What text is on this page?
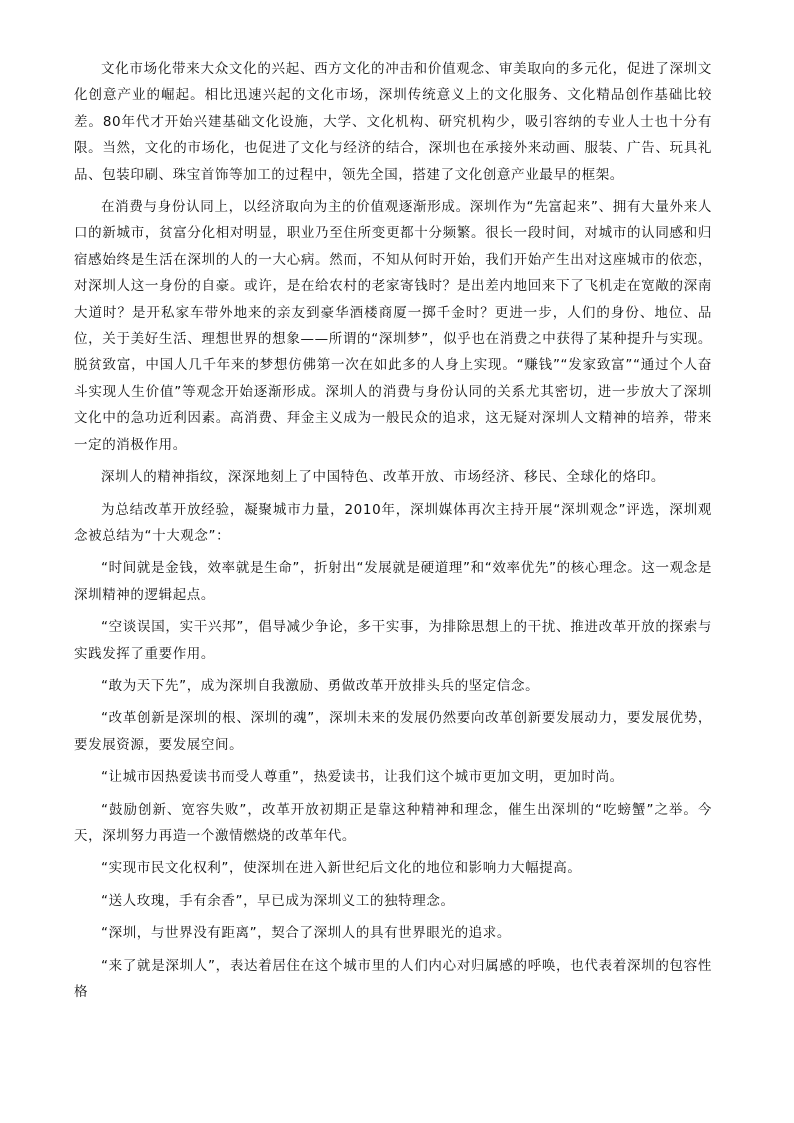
文化市场化带来大众文化的兴起、西方文化的冲击和价值观念、审美取向的多元化，促进了深圳文化创意产业的崛起。相比迅速兴起的文化市场，深圳传统意义上的文化服务、文化精品创作基础比较差。80年代才开始兴建基础文化设施，大学、文化机构、研究机构少，吸引容纳的专业人士也十分有限。当然，文化的市场化，也促进了文化与经济的结合，深圳也在承接外来动画、服装、广告、玩具礼品、包装印刷、珠宝首饰等加工的过程中，领先全国，搭建了文化创意产业最早的框架。

在消费与身份认同上，以经济取向为主的价值观逐渐形成。深圳作为“先富起来”、拥有大量外来人口的新城市，贫富分化相对明显，职业乃至住所变更都十分频繁。很长一段时间，对城市的认同感和归宿感始终是生活在深圳的人的一大心病。然而，不知从何时开始，我们开始产生出对这座城市的依恋，对深圳人这一身份的自豪。或许，是在给农村的老家寄钱时？是出差内地回来下了飞机走在宽敞的深南大道时？是开私家车带外地来的亲友到豪华酒楼商厦一掷千金时？更进一步，人们的身份、地位、品位，关于美好生活、理想世界的想象——所谓的“深圳梦”，似乎也在消费之中获得了某种提升与实现。脱贫致富，中国人几千年来的梦想仿佛第一次在如此多的人身上实现。“赚钱”“发家致富”“通过个人奋斗实现人生价值”等观念开始逐渐形成。深圳人的消费与身份认同的关系尤其密切，进一步放大了深圳文化中的急功近利因素。高消费、拜金主义成为一般民众的追求，这无疑对深圳人文精神的培养，带来一定的消极作用。

深圳人的精神指纹，深深地刻上了中国特色、改革开放、市场经济、移民、全球化的烙印。

为总结改革开放经验，凝聚城市力量，2010年，深圳媒体再次主持开展“深圳观念”评选，深圳观念被总结为“十大观念”：

“时间就是金钱，效率就是生命”，折射出“发展就是硬道理”和“效率优先”的核心理念。这一观念是深圳精神的逻辑起点。

“空谈误国，实干兴邦”，倡导减少争论，多干实事，为排除思想上的干扰、推进改革开放的探索与实践发挥了重要作用。

“敢为天下先”，成为深圳自我激励、勇做改革开放排头兵的坚定信念。

“改革创新是深圳的根、深圳的魂”，深圳未来的发展仍然要向改革创新要发展动力，要发展优势，要发展资源，要发展空间。

“让城市因热爱读书而受人尊重”，热爱读书，让我们这个城市更加文明，更加时尚。

“鼓励创新、宽容失败”，改革开放初期正是靠这种精神和理念，催生出深圳的“吃螃蟹”之举。今天，深圳努力再造一个激情燃烧的改革年代。

“实现市民文化权利”，使深圳在进入新世纪后文化的地位和影响力大幅提高。

“送人玫瑰，手有余香”，早已成为深圳义工的独特理念。

“深圳，与世界没有距离”，契合了深圳人的具有世界眼光的追求。

“来了就是深圳人”，表达着居住在这个城市里的人们内心对归属感的呼唤，也代表着深圳的包容性格
